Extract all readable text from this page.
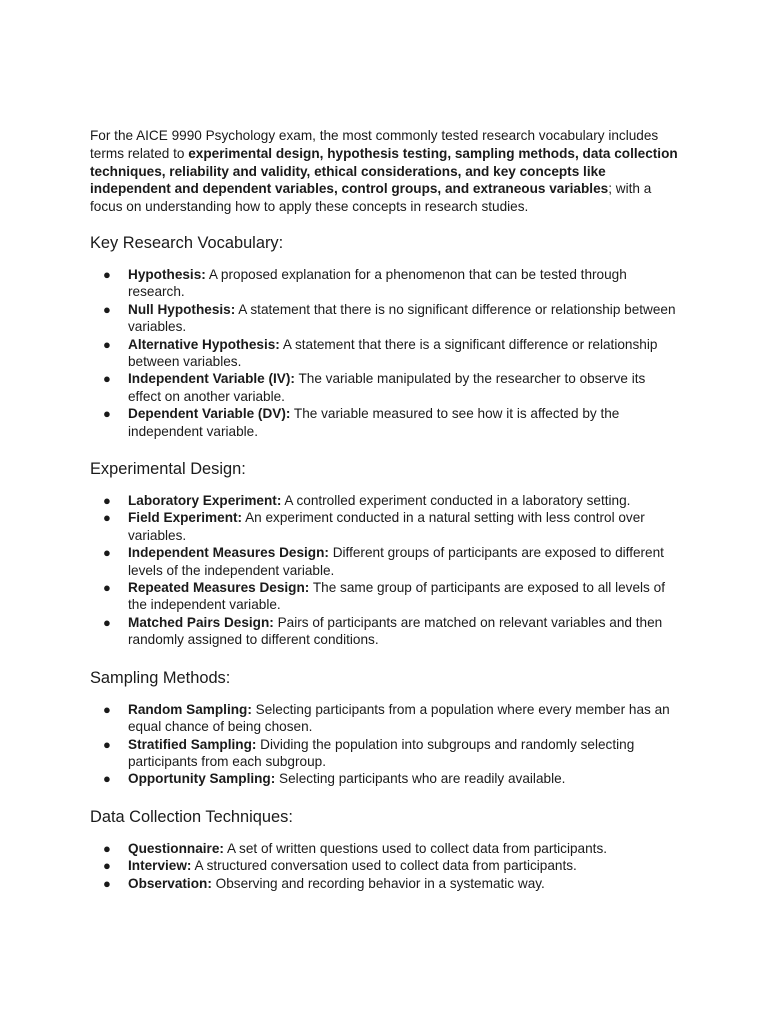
For the AICE 9990 Psychology exam, the most commonly tested research vocabulary includes terms related to experimental design, hypothesis testing, sampling methods, data collection techniques, reliability and validity, ethical considerations, and key concepts like independent and dependent variables, control groups, and extraneous variables; with a focus on understanding how to apply these concepts in research studies.

Key Research Vocabulary:
● Hypothesis: A proposed explanation for a phenomenon that can be tested through research.
● Null Hypothesis: A statement that there is no significant difference or relationship between variables.
● Alternative Hypothesis: A statement that there is a significant difference or relationship between variables.
● Independent Variable (IV): The variable manipulated by the researcher to observe its effect on another variable.
● Dependent Variable (DV): The variable measured to see how it is affected by the independent variable.
Experimental Design:
● Laboratory Experiment: A controlled experiment conducted in a laboratory setting.
● Field Experiment: An experiment conducted in a natural setting with less control over variables.
● Independent Measures Design: Different groups of participants are exposed to different levels of the independent variable.
● Repeated Measures Design: The same group of participants are exposed to all levels of the independent variable.
● Matched Pairs Design: Pairs of participants are matched on relevant variables and then randomly assigned to different conditions.
Sampling Methods:
● Random Sampling: Selecting participants from a population where every member has an equal chance of being chosen.
● Stratified Sampling: Dividing the population into subgroups and randomly selecting participants from each subgroup.
● Opportunity Sampling: Selecting participants who are readily available.
Data Collection Techniques:
● Questionnaire: A set of written questions used to collect data from participants.
● Interview: A structured conversation used to collect data from participants.
● Observation: Observing and recording behavior in a systematic way.
